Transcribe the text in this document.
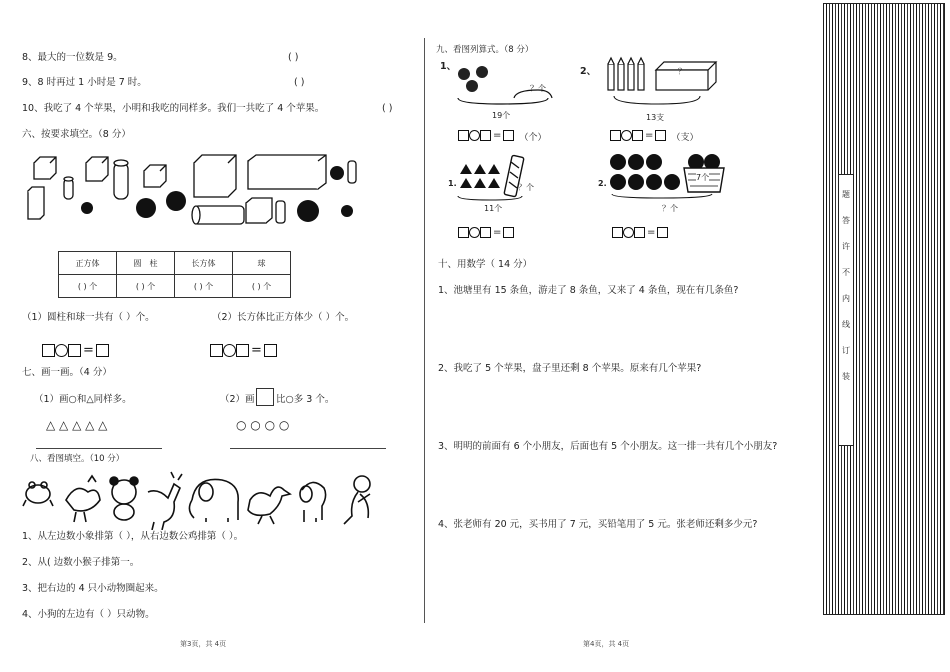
8、最大的一位数是 9。	( )
9、8 时再过 1 小时是 7 时。	( )
10、我吃了 4 个苹果，小明和我吃的同样多。我们一共吃了 4 个苹果。	( )
六、按要求填空。（8 分）
正方体	圆　柱	长方体	球
( ) 个	( ) 个	( ) 个	( ) 个
（1）圆柱和球一共有（ ）个。	（2）长方体比正方体少（ ）个。
=	=
七、画一画。（4 分）
（1）画○和△同样多。	（2）画 比○多 3 个。
△ △ △ △ △	○ ○ ○ ○
八、看图填空。（10 分）
1、从左边数小象排第（ ），从右边数公鸡排第（ ）。
2、从( 边数小猴子排第一。
3、把右边的 4 只小动物圈起来。
4、小狗的左边有（ ）只动物。
第3页，共 4页
九、看图列算式。（8 分）
1、
？个
19个
= （个）
2、	？
13支
= （支）
1.	？个
11个
=
2.
7个
？个
=
十、用数学（ 14 分）
1、池塘里有 15 条鱼，游走了 8 条鱼，又来了 4 条鱼，现在有几条鱼?
2、我吃了 5 个苹果，盘子里还剩 8 个苹果。原来有几个苹果?
3、明明的前面有 6 个小朋友，后面也有 5 个小朋友。这一排一共有几个小朋友?
4、张老师有 20 元，买书用了 7 元，买铅笔用了 5 元。张老师还剩多少元?
第4页，共 4页
题
答
许
不
内
线
订
装
